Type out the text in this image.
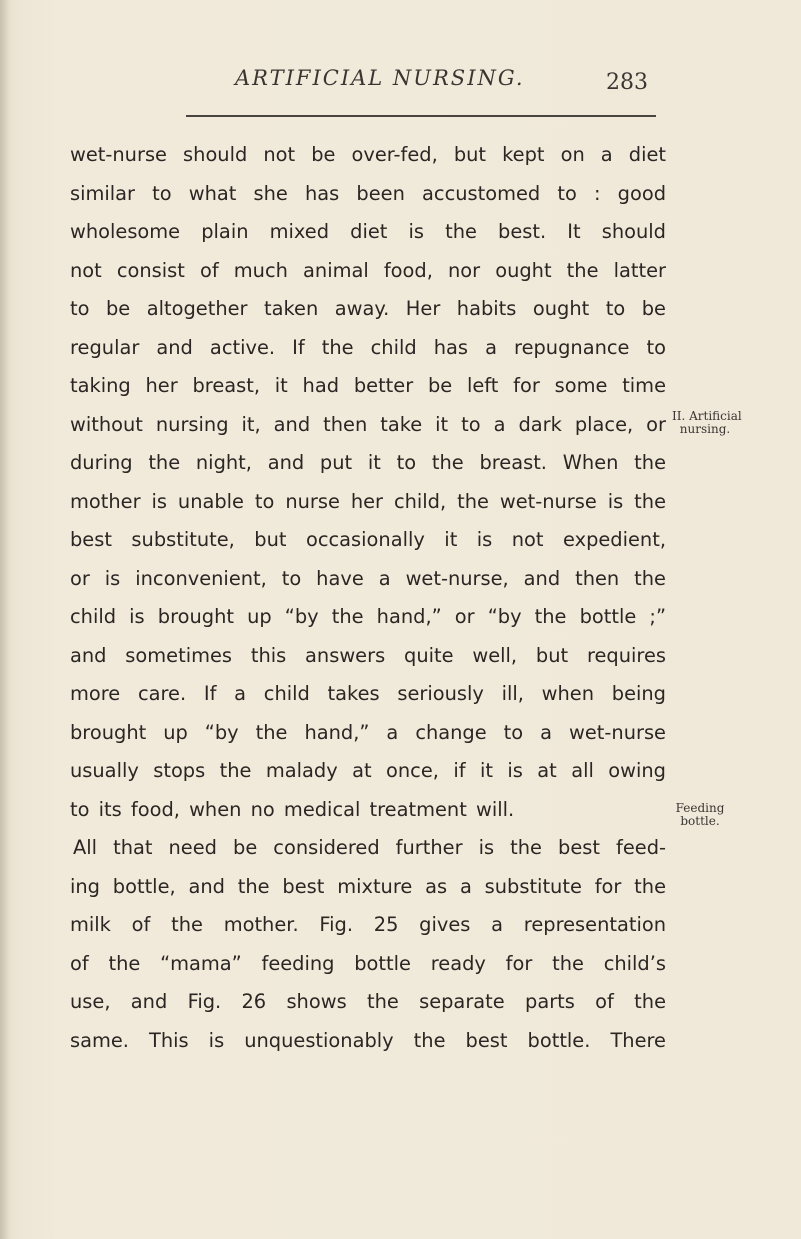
ARTIFICIAL NURSING.	283
wet-nurse should not be over-fed, but kept on a diet
similar to what she has been accustomed to : good
wholesome plain mixed diet is the best. It should
not consist of much animal food, nor ought the latter
to be altogether taken away. Her habits ought to be
regular and active. If the child has a repugnance to
taking her breast, it had better be left for some time
without nursing it, and then take it to a dark place, or
during the night, and put it to the breast. When the
mother is unable to nurse her child, the wet-nurse is the
best substitute, but occasionally it is not expedient,
or is inconvenient, to have a wet-nurse, and then the
child is brought up “by the hand,” or “by the bottle ;”
and sometimes this answers quite well, but requires
more care. If a child takes seriously ill, when being
brought up “by the hand,” a change to a wet-nurse
usually stops the malady at once, if it is at all owing
to its food, when no medical treatment will.
All that need be considered further is the best feed-
ing bottle, and the best mixture as a substitute for the
milk of the mother. Fig. 25 gives a representation
of the “mama” feeding bottle ready for the child’s
use, and Fig. 26 shows the separate parts of the
same. This is unquestionably the best bottle. There
II. Artificial
nursing.
Feeding
bottle.
